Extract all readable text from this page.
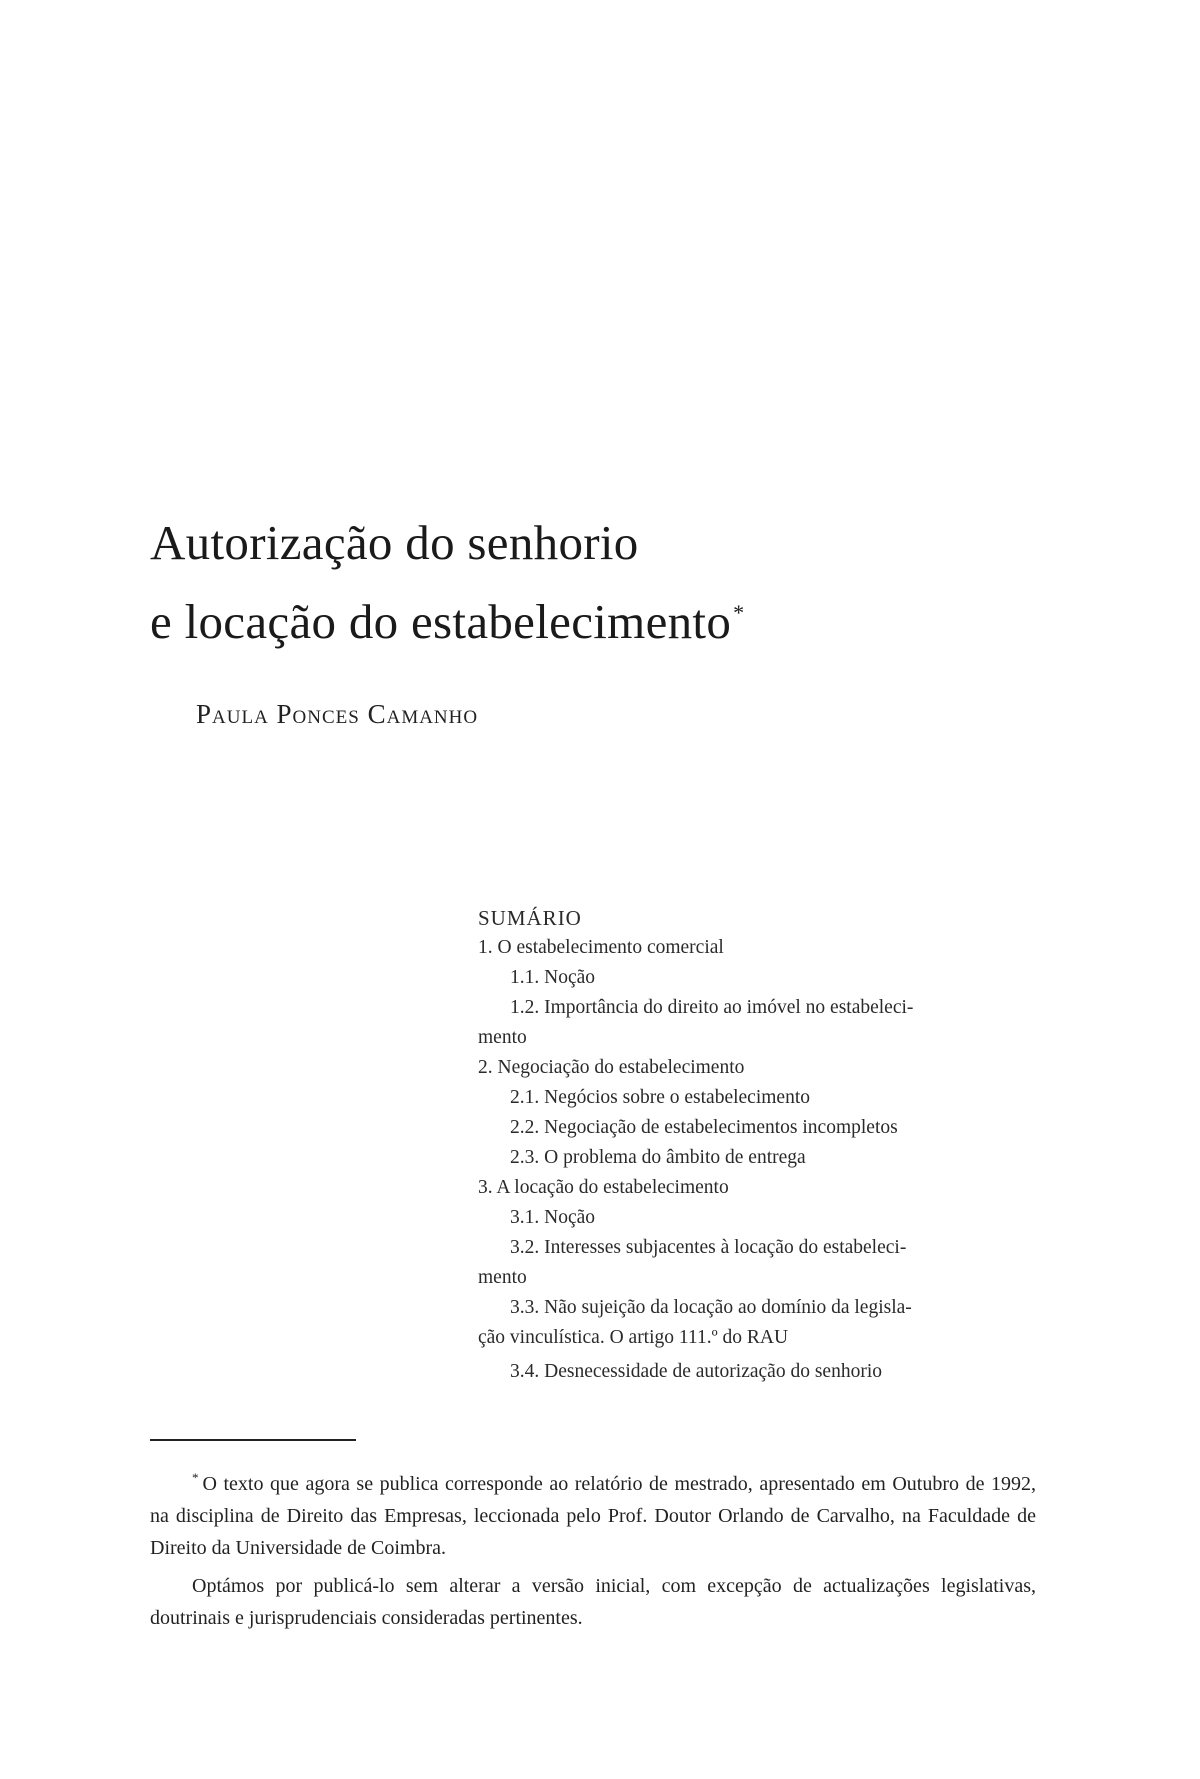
Autorização do senhorio
e locação do estabelecimento*
Paula Ponces Camanho
SUMÁRIO
1. O estabelecimento comercial
1.1. Noção
1.2. Importância do direito ao imóvel no estabeleci-
mento
2. Negociação do estabelecimento
2.1. Negócios sobre o estabelecimento
2.2. Negociação de estabelecimentos incompletos
2.3. O problema do âmbito de entrega
3. A locação do estabelecimento
3.1. Noção
3.2. Interesses subjacentes à locação do estabeleci-
mento
3.3. Não sujeição da locação ao domínio da legisla-
ção vinculística. O artigo 111.º do RAU
3.4. Desnecessidade de autorização do senhorio

* O texto que agora se publica corresponde ao relatório de mestrado, apresentado em Outubro de 1992, na disciplina de Direito das Empresas, leccionada pelo Prof. Doutor Orlando de Carvalho, na Faculdade de Direito da Universidade de Coimbra.

Optámos por publicá-lo sem alterar a versão inicial, com excepção de actualizações legislativas, doutrinais e jurisprudenciais consideradas pertinentes.
